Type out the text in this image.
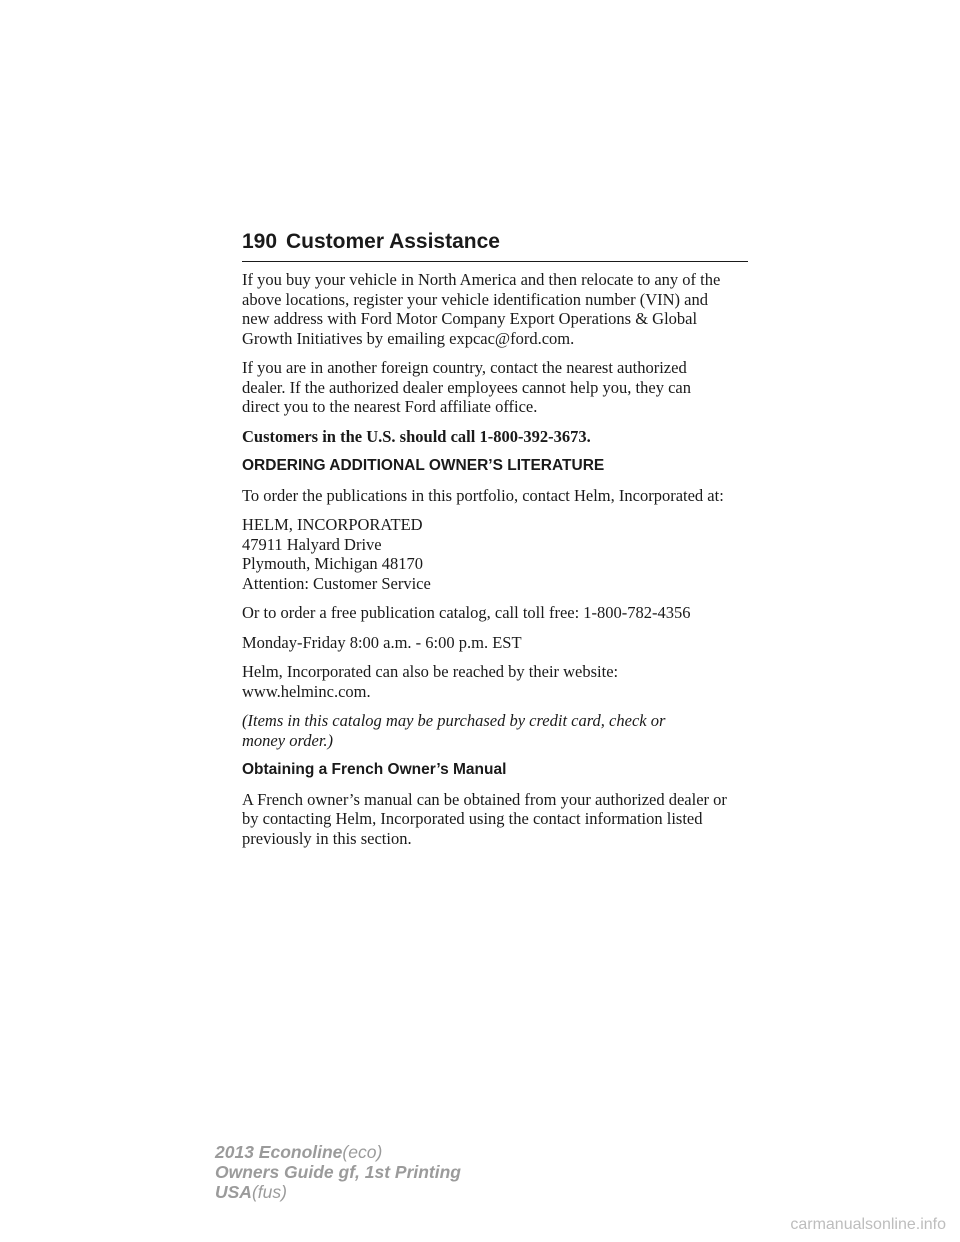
190 Customer Assistance

If you buy your vehicle in North America and then relocate to any of the
above locations, register your vehicle identification number (VIN) and
new address with Ford Motor Company Export Operations & Global
Growth Initiatives by emailing expcac@ford.com.

If you are in another foreign country, contact the nearest authorized
dealer. If the authorized dealer employees cannot help you, they can
direct you to the nearest Ford affiliate office.

Customers in the U.S. should call 1-800-392-3673.

ORDERING ADDITIONAL OWNER’S LITERATURE

To order the publications in this portfolio, contact Helm, Incorporated at:

HELM, INCORPORATED
47911 Halyard Drive
Plymouth, Michigan 48170
Attention: Customer Service

Or to order a free publication catalog, call toll free: 1-800-782-4356

Monday-Friday 8:00 a.m. - 6:00 p.m. EST

Helm, Incorporated can also be reached by their website:
www.helminc.com.

(Items in this catalog may be purchased by credit card, check or
money order.)

Obtaining a French Owner’s Manual

A French owner’s manual can be obtained from your authorized dealer or
by contacting Helm, Incorporated using the contact information listed
previously in this section.

2013 Econoline(eco)
Owners Guide gf, 1st Printing
USA(fus)
carmanualsonline.info
